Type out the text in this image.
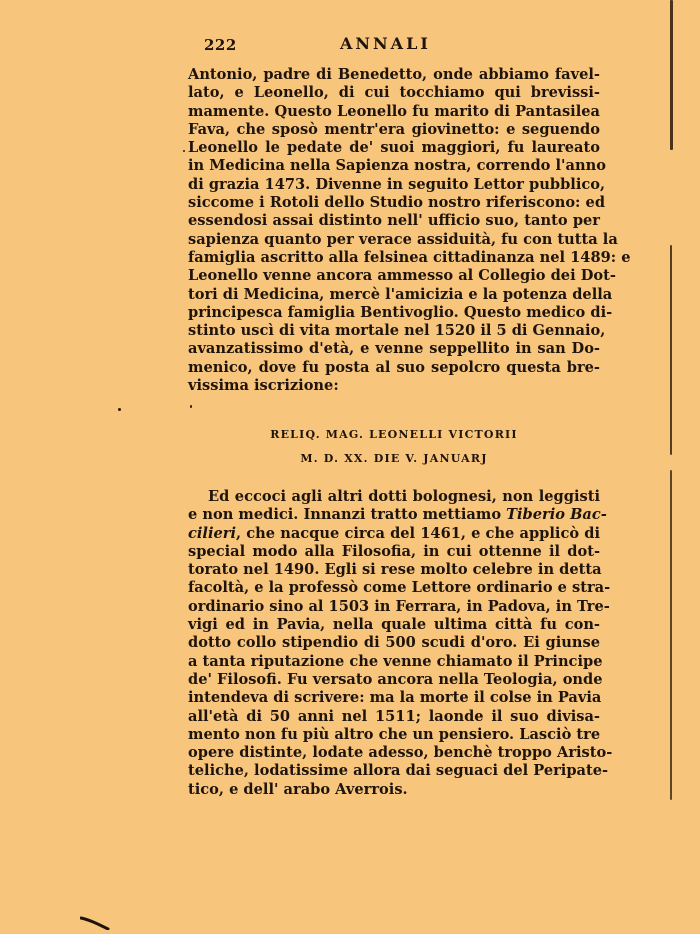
222	ANNALI
Antonio, padre di Benedetto, onde abbiamo favel-
lato, e Leonello, di cui tocchiamo qui brevissi-
mamente. Questo Leonello fu marito di Pantasilea
Fava, che sposò mentr'era giovinetto: e seguendo
Leonello le pedate de' suoi maggiori, fu laureato
in Medicina nella Sapienza nostra, correndo l'anno
di grazia 1473. Divenne in seguito Lettor pubblico,
siccome i Rotoli dello Studio nostro riferiscono: ed
essendosi assai distinto nell' ufficio suo, tanto per
sapienza quanto per verace assiduità, fu con tutta la
famiglia ascritto alla felsinea cittadinanza nel 1489: e
Leonello venne ancora ammesso al Collegio dei Dot-
tori di Medicina, mercè l'amicizia e la potenza della
principesca famiglia Bentivoglio. Questo medico di-
stinto uscì di vita mortale nel 1520 il 5 di Gennaio,
avanzatissimo d'età, e venne seppellito in san Do-
menico, dove fu posta al suo sepolcro questa bre-
vissima iscrizione:
RELIQ. MAG. LEONELLI VICTORII
M. D. XX. DIE V. JANUARJ
Ed eccoci agli altri dotti bolognesi, non leggisti
e non medici. Innanzi tratto mettiamo Tiberio Bac-
cilieri, che nacque circa del 1461, e che applicò di
special modo alla Filosofia, in cui ottenne il dot-
torato nel 1490. Egli si rese molto celebre in detta
facoltà, e la professò come Lettore ordinario e stra-
ordinario sino al 1503 in Ferrara, in Padova, in Tre-
vigi ed in Pavia, nella quale ultima città fu con-
dotto collo stipendio di 500 scudi d'oro. Ei giunse
a tanta riputazione che venne chiamato il Principe
de' Filosofi. Fu versato ancora nella Teologia, onde
intendeva di scrivere: ma la morte il colse in Pavia
all'età di 50 anni nel 1511; laonde il suo divisa-
mento non fu più altro che un pensiero. Lasciò tre
opere distinte, lodate adesso, benchè troppo Aristo-
teliche, lodatissime allora dai seguaci del Peripate-
tico, e dell' arabo Averrois.
